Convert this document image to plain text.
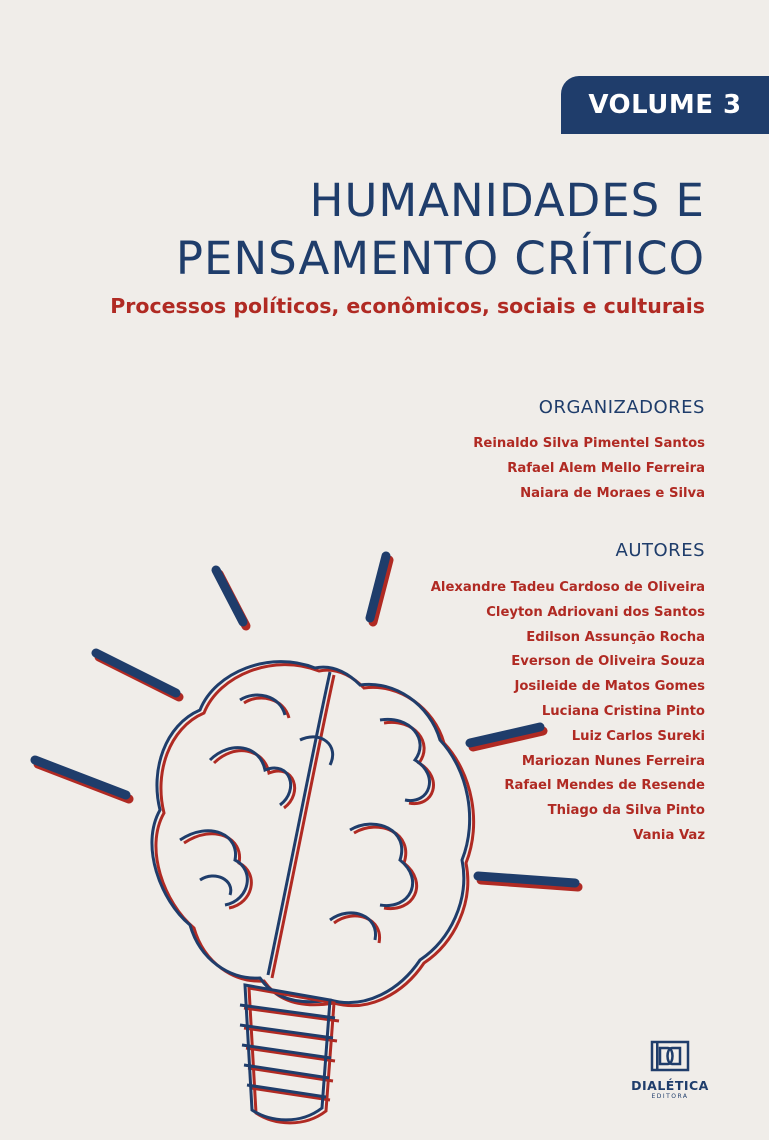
VOLUME 3
HUMANIDADES E
PENSAMENTO CRÍTICO
Processos políticos, econômicos, sociais e culturais
ORGANIZADORES
Reinaldo Silva Pimentel Santos
Rafael Alem Mello Ferreira
Naiara de Moraes e Silva
AUTORES
Alexandre Tadeu Cardoso de Oliveira
Cleyton Adriovani dos Santos
Edilson Assunção Rocha
Everson de Oliveira Souza
Josileide de Matos Gomes
Luciana Cristina Pinto
Luiz Carlos Sureki
Mariozan Nunes Ferreira
Rafael Mendes de Resende
Thiago da Silva Pinto
Vania Vaz
DIALÉTICA
EDITORA
